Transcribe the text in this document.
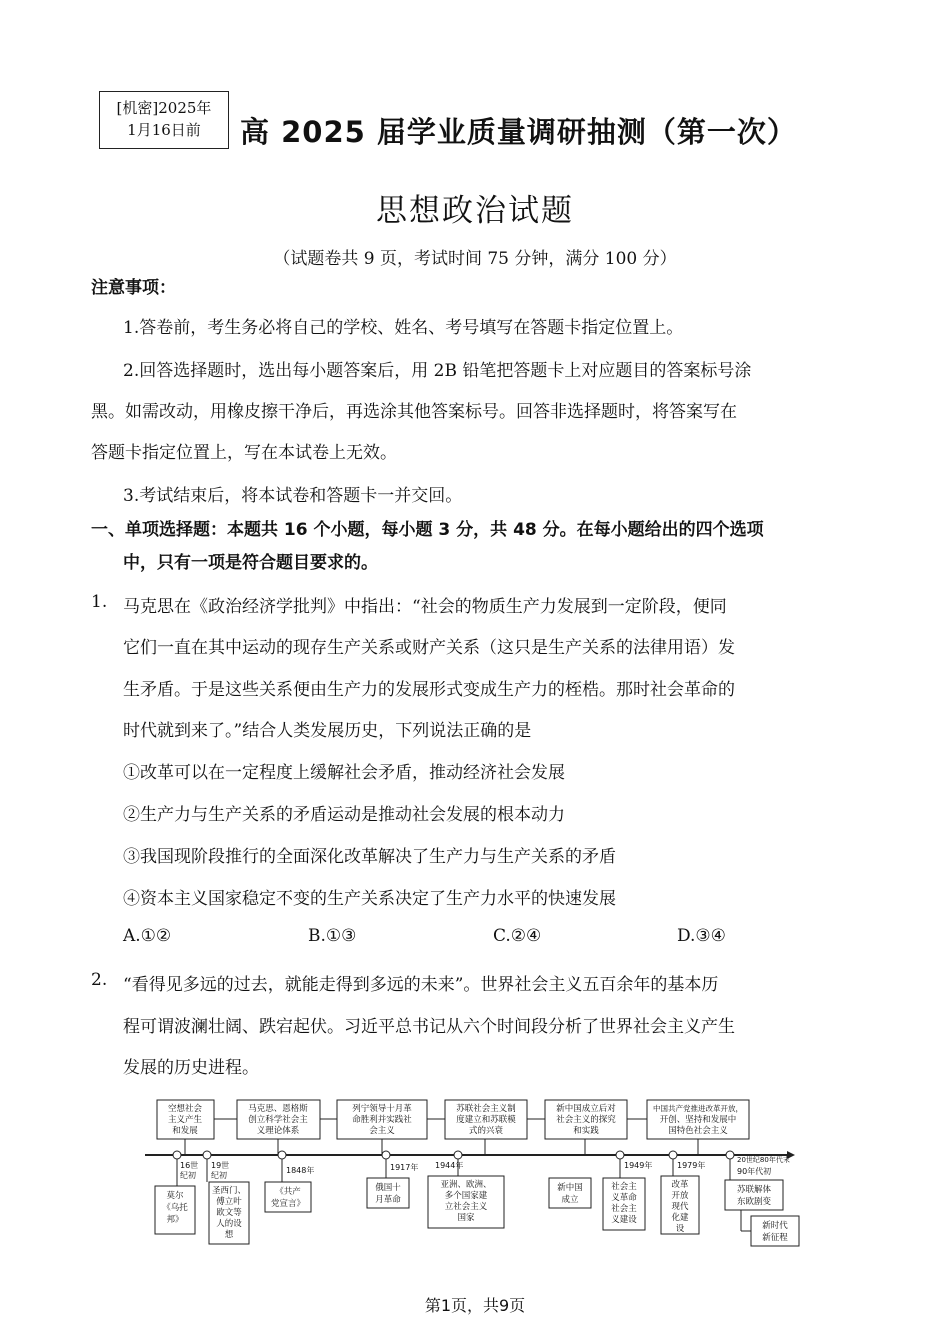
[机密]2025年
1月16日前	高 2025 届学业质量调研抽测（第一次）
思想政治试题
（试题卷共 9 页，考试时间 75 分钟，满分 100 分）
注意事项：
1.答卷前，考生务必将自己的学校、姓名、考号填写在答题卡指定位置上。
2.回答选择题时，选出每小题答案后，用 2B 铅笔把答题卡上对应题目的答案标号涂
黑。如需改动，用橡皮擦干净后，再选涂其他答案标号。回答非选择题时，将答案写在
答题卡指定位置上，写在本试卷上无效。
3.考试结束后，将本试卷和答题卡一并交回。
一、单项选择题：本题共 16 个小题，每小题 3 分，共 48 分。在每小题给出的四个选项
中，只有一项是符合题目要求的。
1. 马克思在《政治经济学批判》中指出：“社会的物质生产力发展到一定阶段，便同
它们一直在其中运动的现存生产关系或财产关系（这只是生产关系的法律用语）发
生矛盾。于是这些关系便由生产力的发展形式变成生产力的桎梏。那时社会革命的
时代就到来了。”结合人类发展历史，下列说法正确的是
①改革可以在一定程度上缓解社会矛盾，推动经济社会发展
②生产力与生产关系的矛盾运动是推动社会发展的根本动力
③我国现阶段推行的全面深化改革解决了生产力与生产关系的矛盾
④资本主义国家稳定不变的生产关系决定了生产力水平的快速发展
A.①②	B.①③	C.②④	D.③④
2. “看得见多远的过去，就能走得到多远的未来”。世界社会主义五百余年的基本历
程可谓波澜壮阔、跌宕起伏。习近平总书记从六个时间段分析了世界社会主义产生
发展的历史进程。
空想社会
主义产生
和发展
马克思、恩格斯
创立科学社会主
义理论体系
列宁领导十月革
命胜利并实践社
会主义
苏联社会主义制
度建立和苏联模
式的兴衰
新中国成立后对
社会主义的探究
和实践
中国共产党推进改革开放，
开创、坚持和发展中
国特色社会主义
16世
纪初
19世
纪初
1848年	1917年 1944年	1949年	1979年
20世纪80年代末
90年代初
莫尔
《乌托
邦》
圣西门、
傅立叶
欧文等
人的设
想
《共产
党宣言》
俄国十
月革命
亚洲、欧洲、
多个国家建
立社会主义
国家
新中国
成立
社会主
义革命
社会主
义建设
改革
开放
现代
化建
设
苏联解体
东欧剧变
新时代
新征程
第1页，共9页
